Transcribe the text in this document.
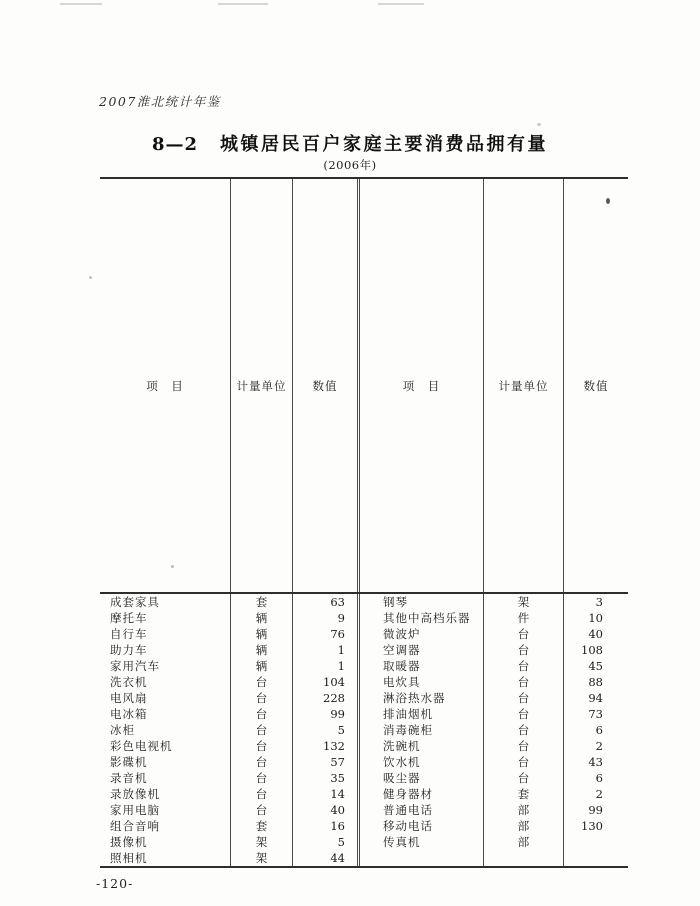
2007淮北统计年鉴
8—2 城镇居民百户家庭主要消费品拥有量
(2006年)
项　目	计量单位	数值	项　目	计量单位	数值
成套家具	套	63	钢琴	架	3
摩托车	辆	9	其他中高档乐器	件	10
自行车	辆	76	微波炉	台	40
助力车	辆	1	空调器	台	108
家用汽车	辆	1	取暖器	台	45
洗衣机	台	104	电炊具	台	88
电风扇	台	228	淋浴热水器	台	94
电冰箱	台	99	排油烟机	台	73
冰柜	台	5	消毒碗柜	台	6
彩色电视机	台	132	洗碗机	台	2
影碟机	台	57	饮水机	台	43
录音机	台	35	吸尘器	台	6
录放像机	台	14	健身器材	套	2
家用电脑	台	40	普通电话	部	99
组合音响	套	16	移动电话	部	130
摄像机	架	5	传真机	部
照相机	架	44
-120-
